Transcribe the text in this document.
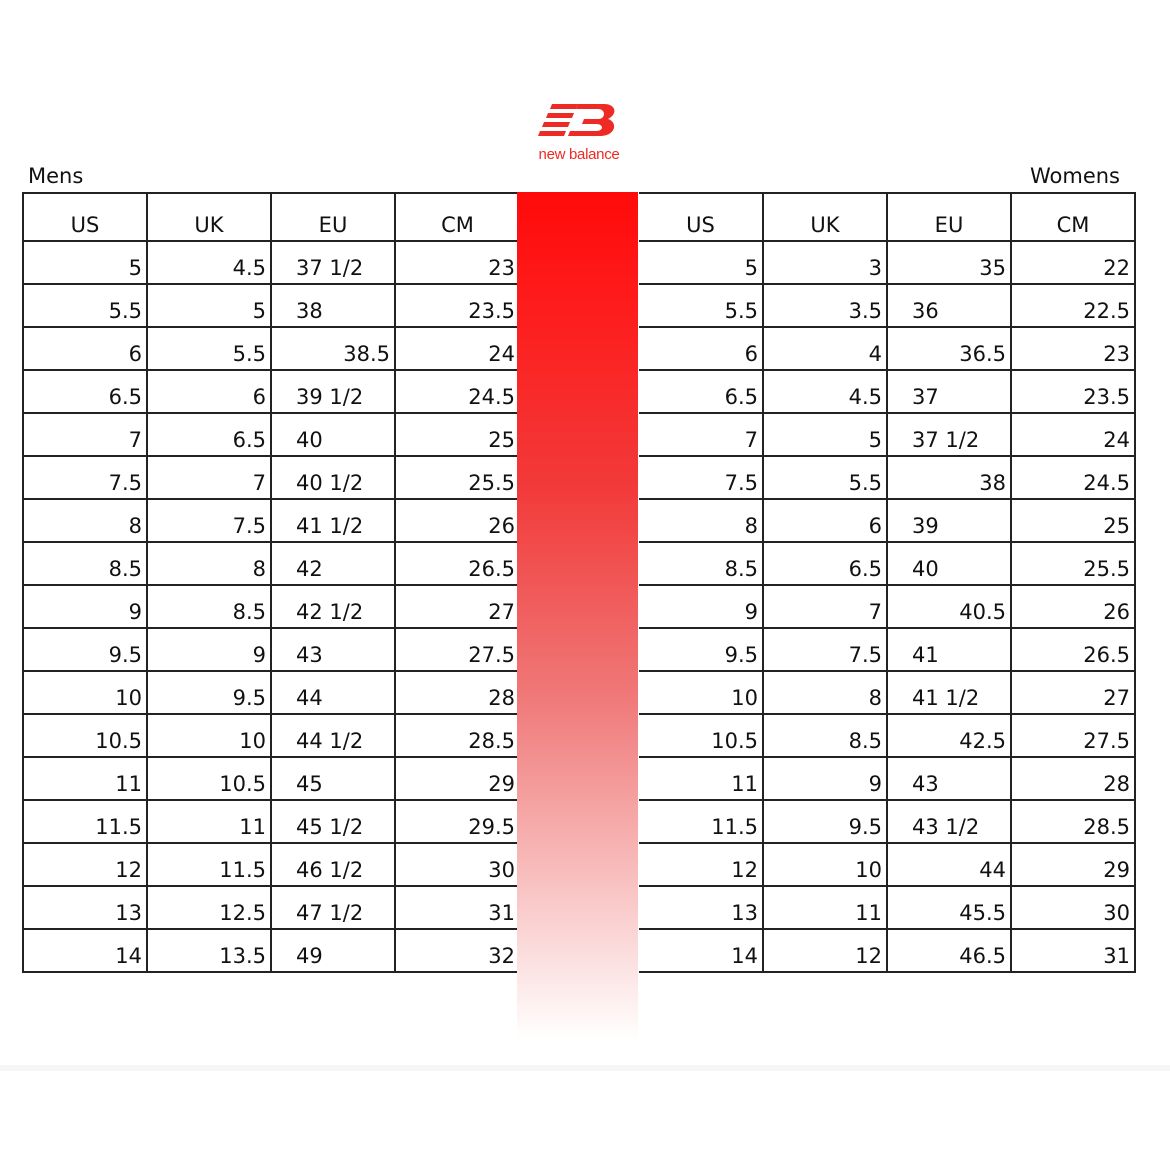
new balance
Mens	Womens
US	UK	EU	CM
5	4.5	37 1/2	23
5.5	5	38	23.5
6	5.5	38.5	24
6.5	6	39 1/2	24.5
7	6.5	40	25
7.5	7	40 1/2	25.5
8	7.5	41 1/2	26
8.5	8	42	26.5
9	8.5	42 1/2	27
9.5	9	43	27.5
10	9.5	44	28
10.5	10	44 1/2	28.5
11	10.5	45	29
11.5	11	45 1/2	29.5
12	11.5	46 1/2	30
13	12.5	47 1/2	31
14	13.5	49	32
US	UK	EU	CM
5	3	35	22
5.5	3.5	36	22.5
6	4	36.5	23
6.5	4.5	37	23.5
7	5	37 1/2	24
7.5	5.5	38	24.5
8	6	39	25
8.5	6.5	40	25.5
9	7	40.5	26
9.5	7.5	41	26.5
10	8	41 1/2	27
10.5	8.5	42.5	27.5
11	9	43	28
11.5	9.5	43 1/2	28.5
12	10	44	29
13	11	45.5	30
14	12	46.5	31
